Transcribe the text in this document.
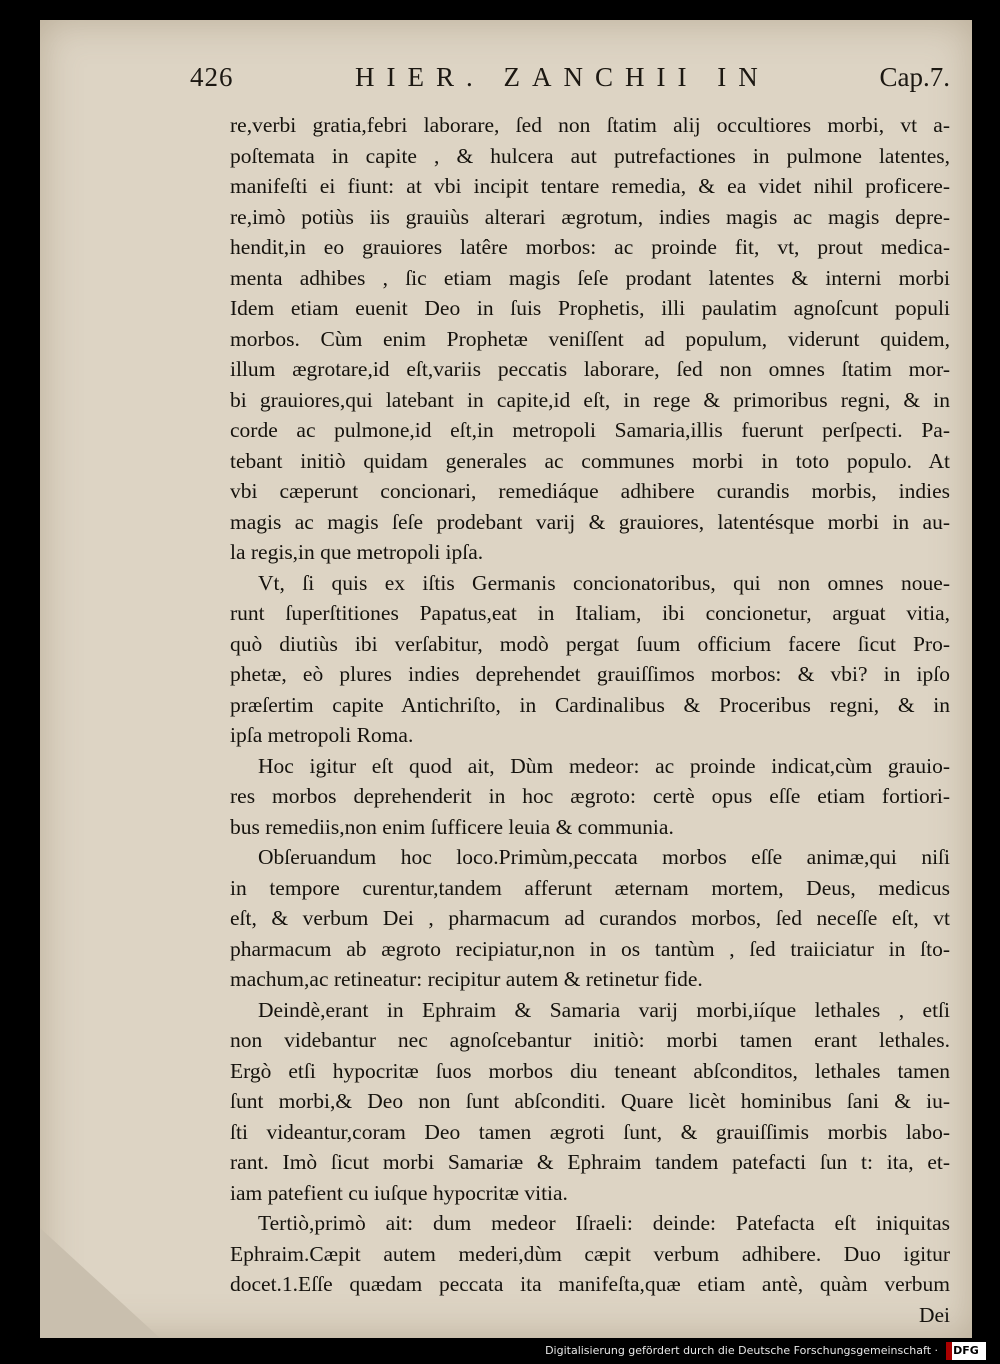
426	HIER. ZANCHII IN	Cap.7.
re,verbi gratia,febri laborare, ſed non ſtatim alij occultiores morbi, vt a-
poſtemata in capite , & hulcera aut putrefactiones in pulmone latentes,
manifeſti ei fiunt: at vbi incipit tentare remedia, & ea videt nihil proficere-
re,imò potiùs iis grauiùs alterari ægrotum, indies magis ac magis depre-
hendit,in eo grauiores latêre morbos: ac proinde fit, vt, prout medica-
menta adhibes , ſic etiam magis ſeſe prodant latentes & interni morbi
Idem etiam euenit Deo in ſuis Prophetis, illi paulatim agnoſcunt populi
morbos. Cùm enim Prophetæ veniſſent ad populum, viderunt quidem,
illum ægrotare,id eſt,variis peccatis laborare, ſed non omnes ſtatim mor-
bi grauiores,qui latebant in capite,id eſt, in rege & primoribus regni, & in
corde ac pulmone,id eſt,in metropoli Samaria,illis fuerunt perſpecti. Pa-
tebant initiò quidam generales ac communes morbi in toto populo. At
vbi cæperunt concionari, remediáque adhibere curandis morbis, indies
magis ac magis ſeſe prodebant varij & grauiores, latentésque morbi in au-
la regis,in que metropoli ipſa.
Vt, ſi quis ex iſtis Germanis concionatoribus, qui non omnes noue-
runt ſuperſtitiones Papatus,eat in Italiam, ibi concionetur, arguat vitia,
quò diutiùs ibi verſabitur, modò pergat ſuum officium facere ſicut Pro-
phetæ, eò plures indies deprehendet grauiſſimos morbos: & vbi? in ipſo
præſertim capite Antichriſto, in Cardinalibus & Proceribus regni, & in
ipſa metropoli Roma.
Hoc igitur eſt quod ait, Dùm medeor: ac proinde indicat,cùm grauio-
res morbos deprehenderit in hoc ægroto: certè opus eſſe etiam fortiori-
bus remediis,non enim ſufficere leuia & communia.
Obſeruandum hoc loco.Primùm,peccata morbos eſſe animæ,qui niſi
in tempore curentur,tandem afferunt æternam mortem, Deus, medicus
eſt, & verbum Dei , pharmacum ad curandos morbos, ſed neceſſe eſt, vt
pharmacum ab ægroto recipiatur,non in os tantùm , ſed traiiciatur in ſto-
machum,ac retineatur: recipitur autem & retinetur fide.
Deindè,erant in Ephraim & Samaria varij morbi,iíque lethales , etſi
non videbantur nec agnoſcebantur initiò: morbi tamen erant lethales.
Ergò etſi hypocritæ ſuos morbos diu teneant abſconditos, lethales tamen
ſunt morbi,& Deo non ſunt abſconditi. Quare licèt hominibus ſani & iu-
ſti videantur,coram Deo tamen ægroti ſunt, & grauiſſimis morbis labo-
rant. Imò ſicut morbi Samariæ & Ephraim tandem patefacti ſun t: ita, et-
iam patefient cu iuſque hypocritæ vitia.
Tertiò,primò ait: dum medeor Iſraeli: deinde: Patefacta eſt iniquitas
Ephraim.Cæpit autem mederi,dùm cæpit verbum adhibere. Duo igitur
docet.1.Eſſe quædam peccata ita manifeſta,quæ etiam antè, quàm verbum
Dei
Digitalisierung gefördert durch die Deutsche Forschungsgemeinschaft ·	DFG
